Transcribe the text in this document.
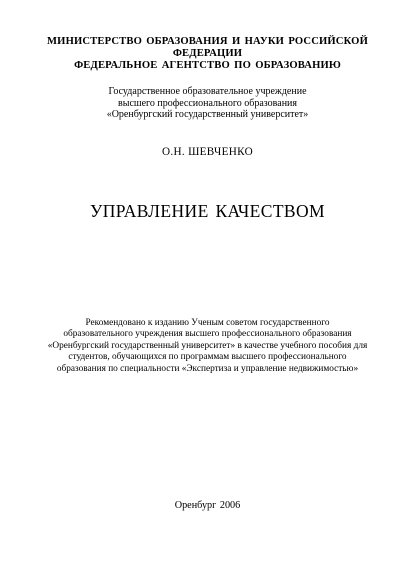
МИНИСТЕРСТВО ОБРАЗОВАНИЯ И НАУКИ РОССИЙСКОЙ
ФЕДЕРАЦИИ
ФЕДЕРАЛЬНОЕ АГЕНТСТВО ПО ОБРАЗОВАНИЮ
Государственное образовательное учреждение
высшего профессионального образования
«Оренбургский государственный университет»
О.Н. ШЕВЧЕНКО
УПРАВЛЕНИЕ КАЧЕСТВОМ
Рекомендовано к изданию Ученым советом государственного
образовательного учреждения высшего профессионального образования
«Оренбургский государственный университет» в качестве учебного пособия для
студентов, обучающихся по программам высшего профессионального
образования по специальности «Экспертиза и управление недвижимостью»
Оренбург 2006
